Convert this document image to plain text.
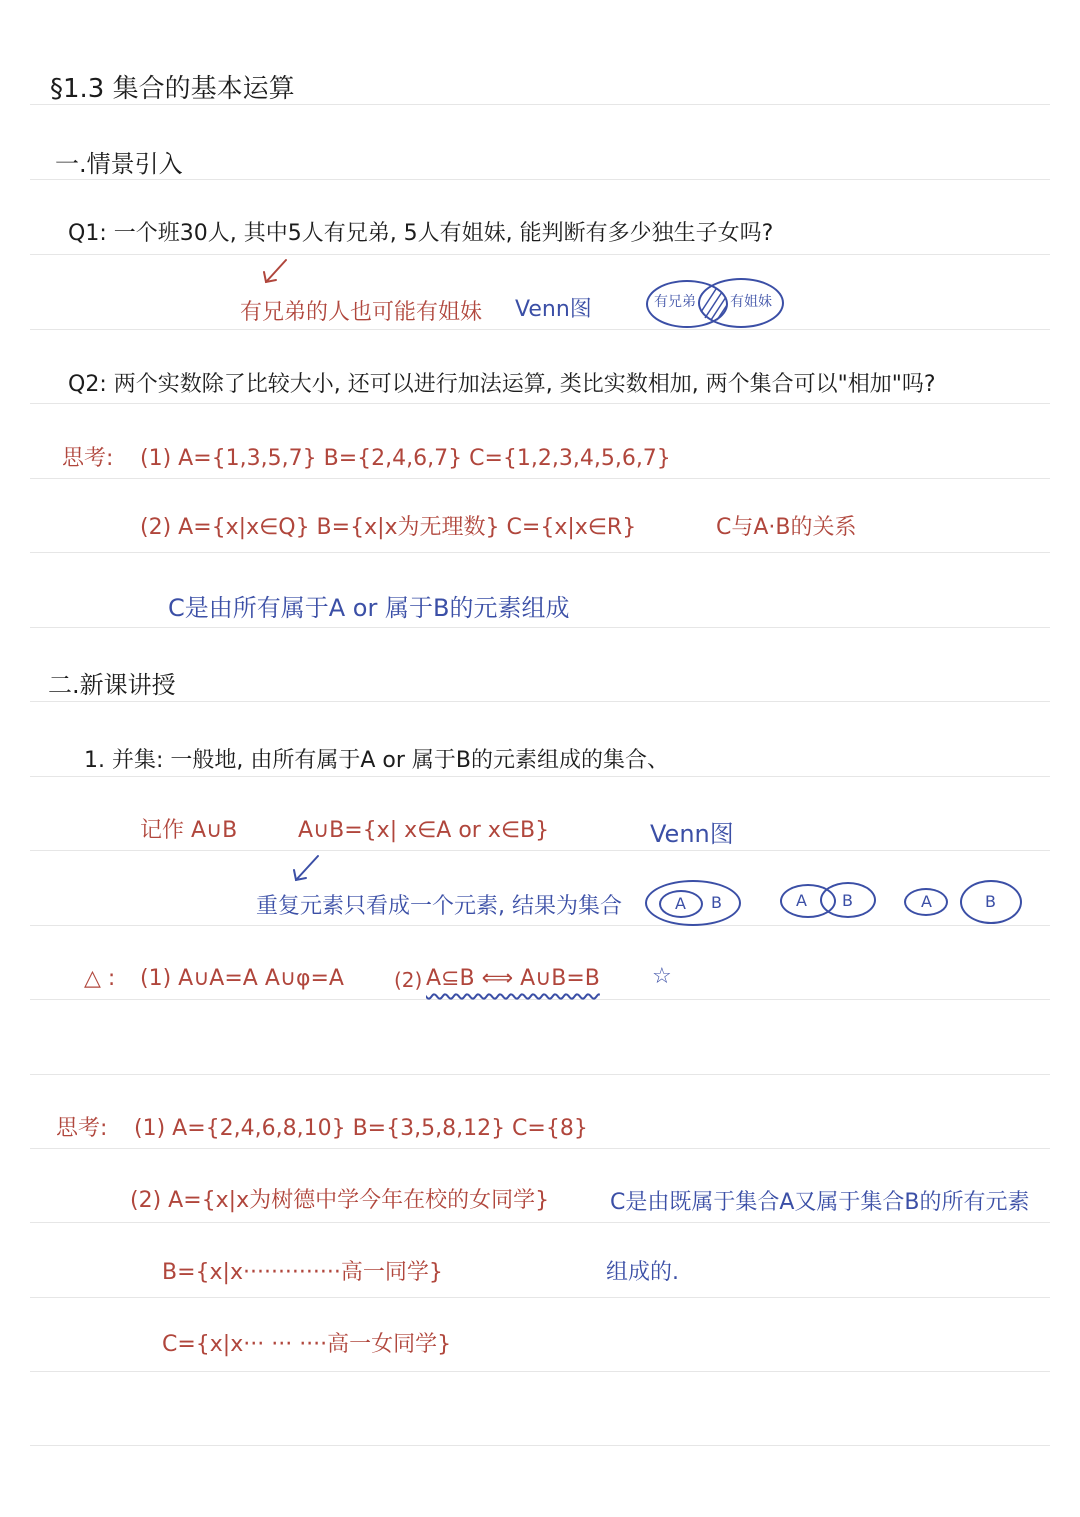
§1.3 集合的基本运算
一.情景引入
Q1: 一个班30人, 其中5人有兄弟, 5人有姐妹, 能判断有多少独生子女吗?
有兄弟的人也可能有姐妹 Venn图	有兄弟 有姐妹
Q2: 两个实数除了比较大小, 还可以进行加法运算, 类比实数相加, 两个集合可以"相加"吗?
思考: (1) A={1,3,5,7} B={2,4,6,7} C={1,2,3,4,5,6,7}
(2) A={x|x∈Q} B={x|x为无理数} C={x|x∈R}	C与A·B的关系
C是由所有属于A or 属于B的元素组成
二.新课讲授
1. 并集: 一般地, 由所有属于A or 属于B的元素组成的集合、
记作 A∪B	A∪B={x| x∈A or x∈B}	Venn图
重复元素只看成一个元素, 结果为集合	A B	A B	A	B
△ : (1) A∪A=A A∪φ=A	(2) A⊆B ⟺ A∪B=B ☆
思考: (1) A={2,4,6,8,10} B={3,5,8,12} C={8}
(2) A={x|x为树德中学今年在校的女同学}	C是由既属于集合A又属于集合B的所有元素
组成的.
B={x|x··············高一同学}
C={x|x··· ··· ····高一女同学}
